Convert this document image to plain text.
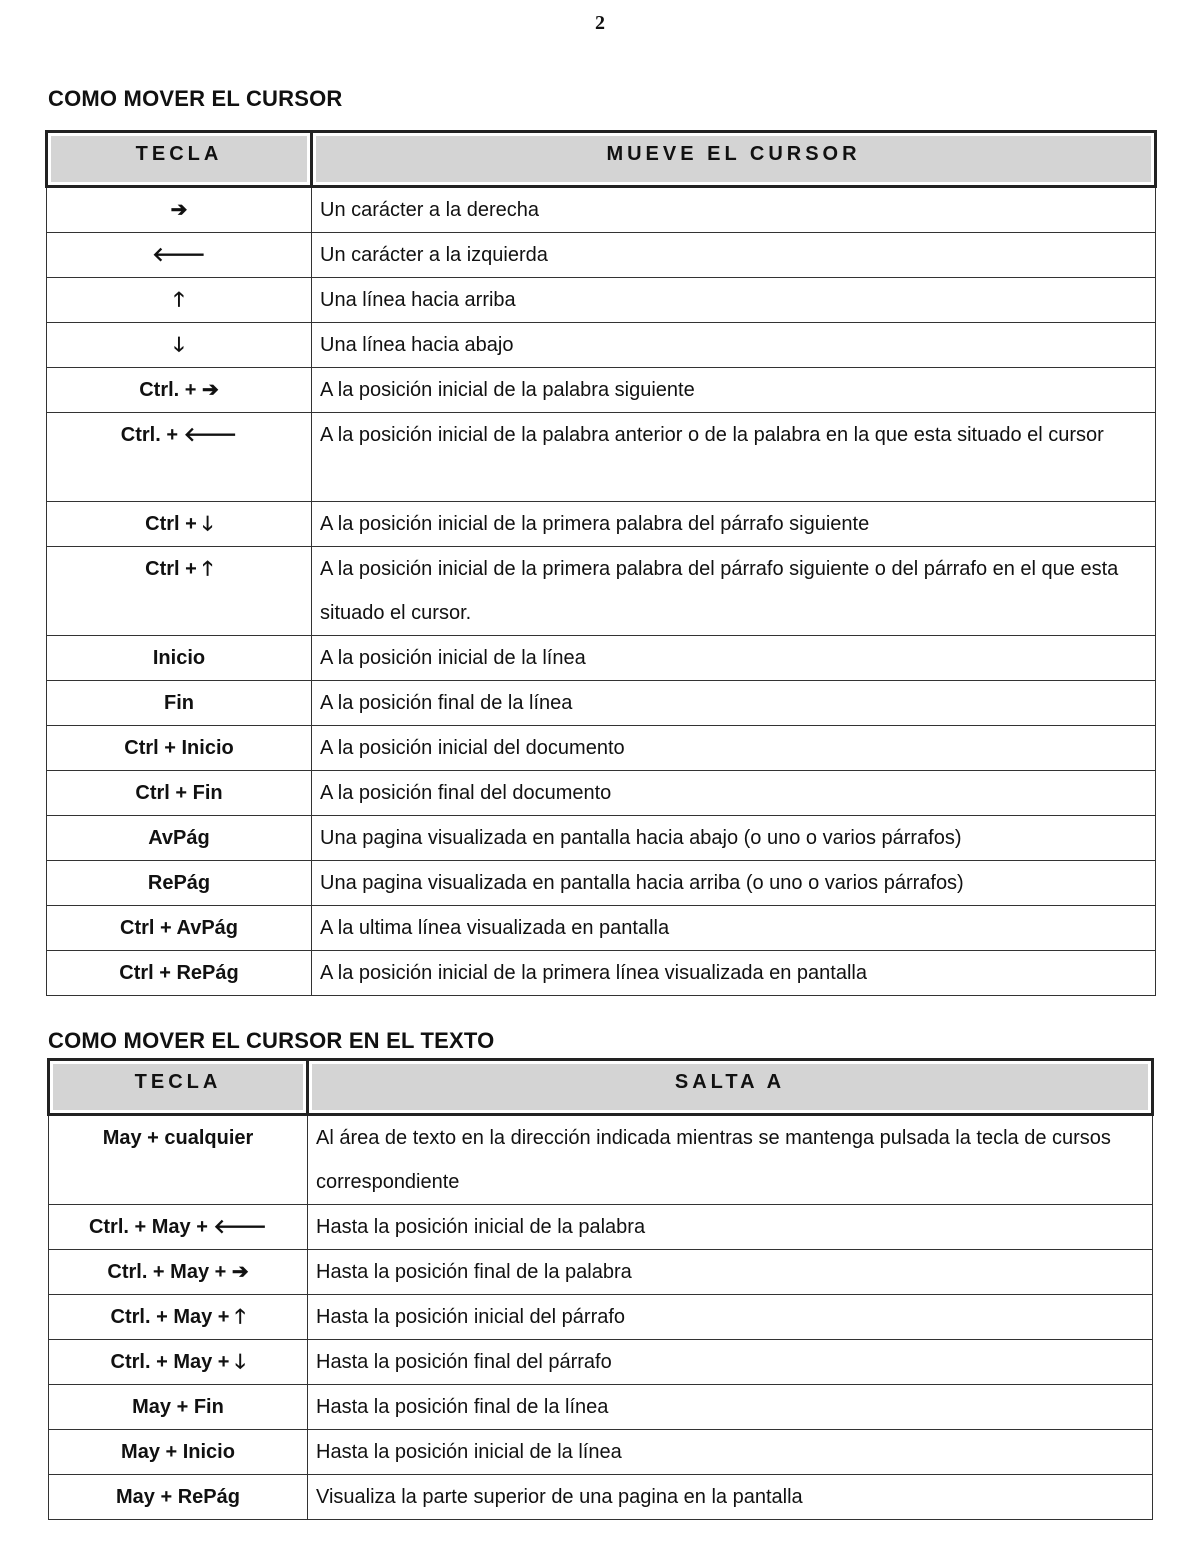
2
COMO MOVER EL CURSOR
TECLA	MUEVE EL CURSOR

➔	Un carácter a la derecha

🡐	Un carácter a la izquierda

🡑	Una línea hacia arriba

🡓	Una línea hacia abajo

Ctrl. + ➔	A la posición inicial de la palabra siguiente

Ctrl. + 🡐	A la posición inicial de la palabra anterior o de la palabra en la que esta situado el cursor

Ctrl + 🡓	A la posición inicial de la primera palabra del párrafo siguiente

Ctrl + 🡑	A la posición inicial de la primera palabra del párrafo siguiente o del párrafo en el que esta situado el cursor.

Inicio	A la posición inicial de la línea

Fin	A la posición final de la línea

Ctrl + Inicio	A la posición inicial del documento

Ctrl + Fin	A la posición final del documento

AvPág	Una pagina visualizada en pantalla hacia abajo (o uno o varios párrafos)

RePág	Una pagina visualizada en pantalla hacia arriba (o uno o varios párrafos)

Ctrl + AvPág	A la ultima línea visualizada en pantalla

Ctrl + RePág	A la posición inicial de la primera línea visualizada en pantalla
COMO MOVER EL CURSOR EN EL TEXTO
TECLA	SALTA A

May + cualquier	Al área de texto en la dirección indicada mientras se mantenga pulsada la tecla de cursos correspondiente

Ctrl. + May + 🡐	Hasta la posición inicial de la palabra

Ctrl. + May + ➔	Hasta la posición final de la palabra

Ctrl. + May + 🡑	Hasta la posición inicial del párrafo

Ctrl. + May + 🡓	Hasta la posición final del párrafo

May + Fin	Hasta la posición final de la línea

May + Inicio	Hasta la posición inicial de la línea

May + RePág	Visualiza la parte superior de una pagina en la pantalla
